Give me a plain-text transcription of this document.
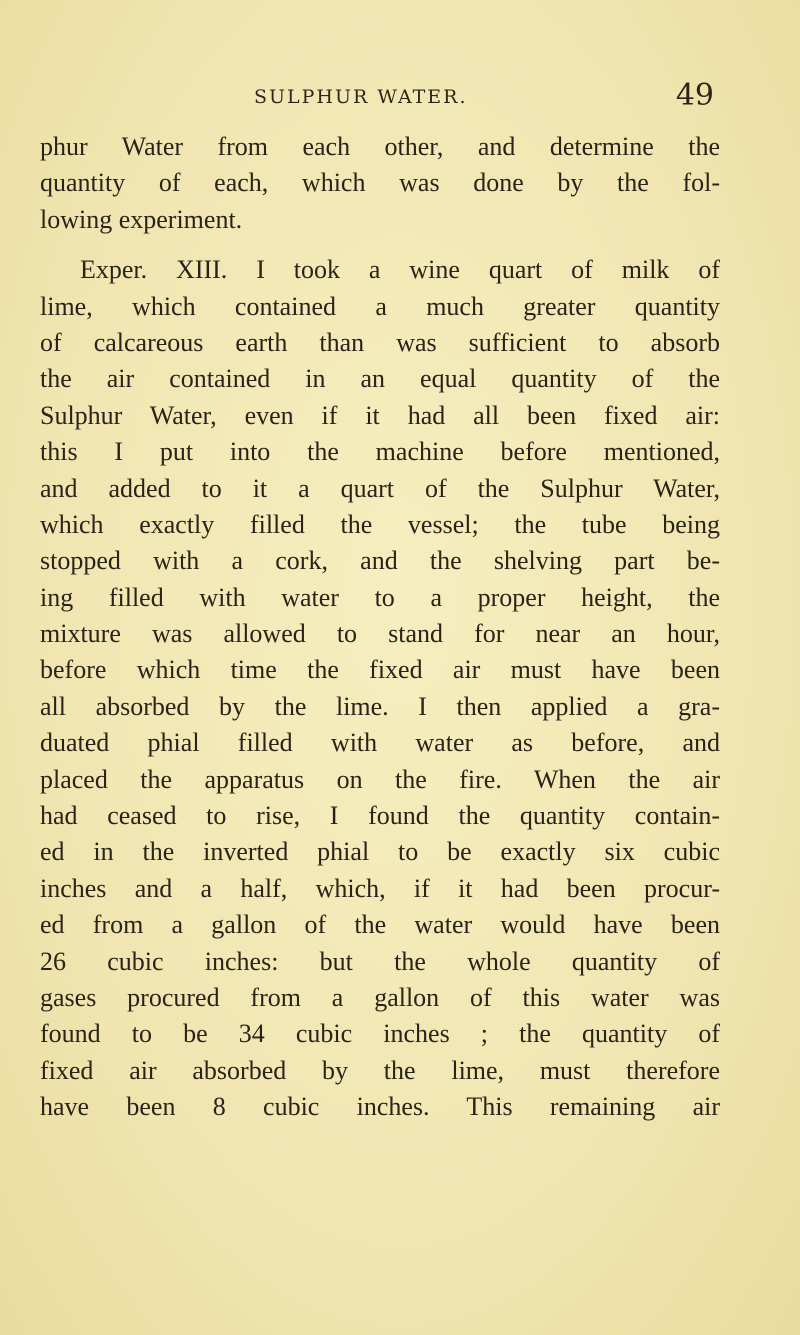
SULPHUR WATER.	49
phur Water from each other, and determine the
quantity of each, which was done by the fol-
lowing experiment.
Exper. XIII. I took a wine quart of milk of
lime, which contained a much greater quantity
of calcareous earth than was sufficient to absorb
the air contained in an equal quantity of the
Sulphur Water, even if it had all been fixed air:
this I put into the machine before mentioned,
and added to it a quart of the Sulphur Water,
which exactly filled the vessel; the tube being
stopped with a cork, and the shelving part be-
ing filled with water to a proper height, the
mixture was allowed to stand for near an hour,
before which time the fixed air must have been
all absorbed by the lime. I then applied a gra-
duated phial filled with water as before, and
placed the apparatus on the fire. When the air
had ceased to rise, I found the quantity contain-
ed in the inverted phial to be exactly six cubic
inches and a half, which, if it had been procur-
ed from a gallon of the water would have been
26 cubic inches: but the whole quantity of
gases procured from a gallon of this water was
found to be 34 cubic inches ; the quantity of
fixed air absorbed by the lime, must therefore
have been 8 cubic inches. This remaining air
